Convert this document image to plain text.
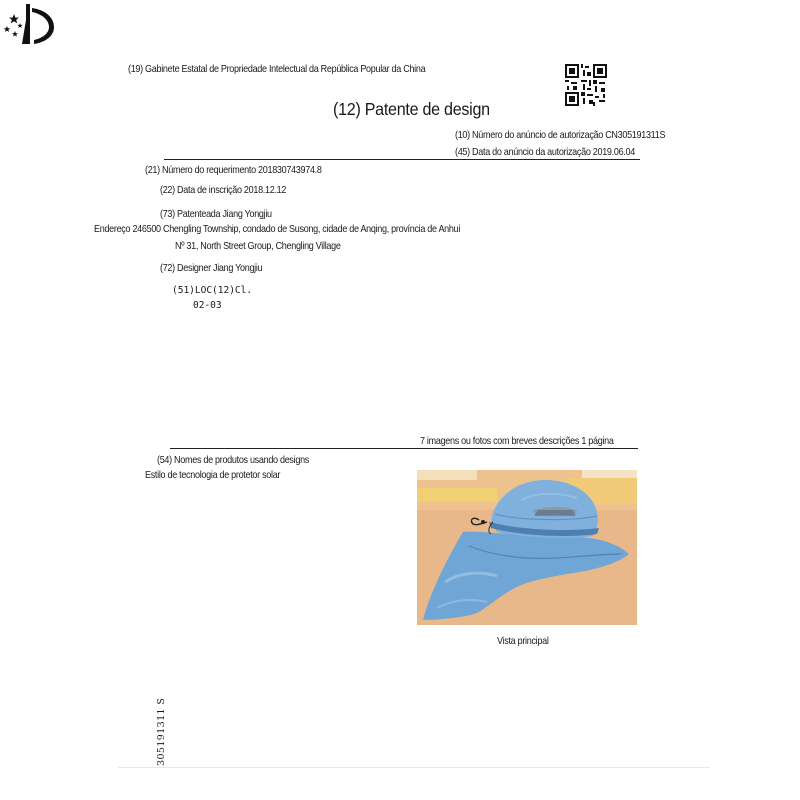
(19) Gabinete Estatal de Propriedade Intelectual da República Popular da China
(12) Patente de design
(10) Número do anúncio de autorização CN305191311S
(45) Data do anúncio da autorização 2019.06.04
(21) Número do requerimento 201830743974.8
(22) Data de inscrição 2018.12.12
(73) Patenteada Jiang Yongjiu
Endereço 246500 Chengling Township, condado de Susong, cidade de Anqing, província de Anhui
Nº 31, North Street Group, Chengling Village
(72) Designer Jiang Yongjiu
(51)LOC(12)Cl.
02-03
7 imagens ou fotos com breves descrições 1 página
(54) Nomes de produtos usando designs
Estilo de tecnologia de protetor solar
Vista principal
305191311 S
